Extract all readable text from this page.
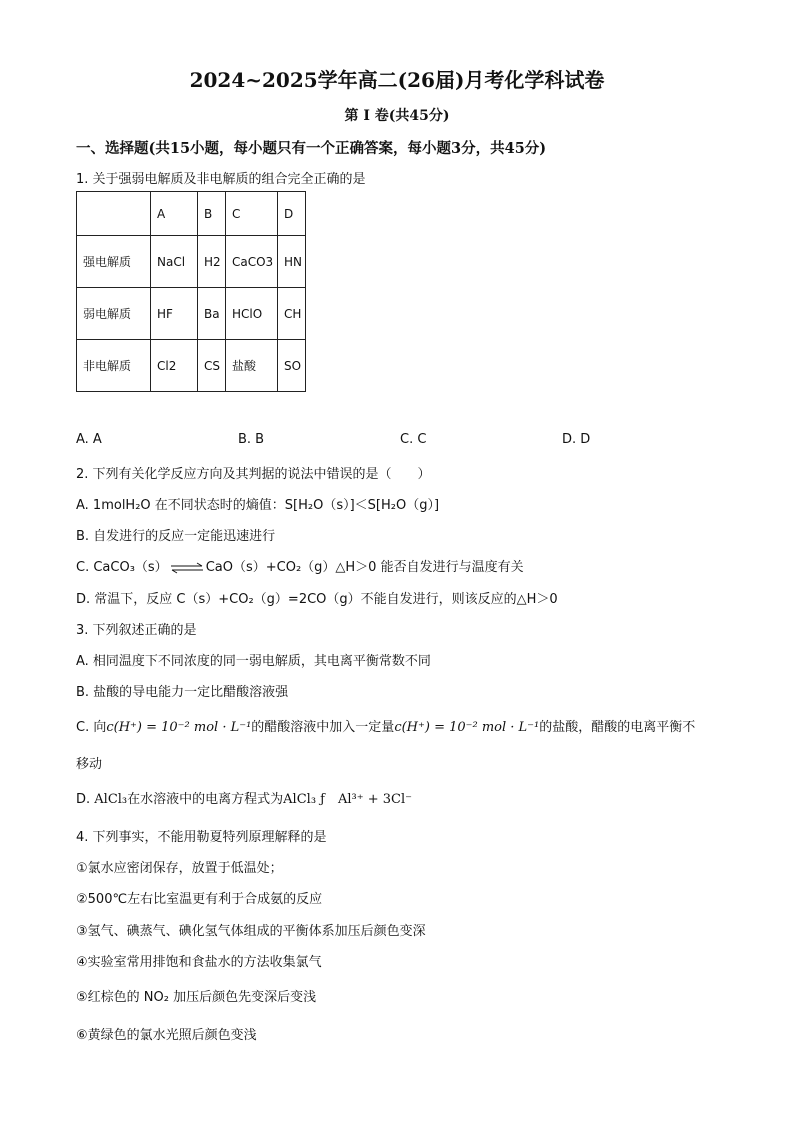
2024~2025学年高二(26届)月考化学科试卷
第 I 卷(共45分)
一、选择题(共15小题，每小题只有一个正确答案，每小题3分，共45分)
1. 关于强弱电解质及非电解质的组合完全正确的是
	A	B	C	D
强电解质	NaCl	H2	CaCO3	HN
弱电解质	HF	Ba	HClO	CH
非电解质	Cl2	CS	盐酸	SO
A. A	B. B	C. C	D. D
2. 下列有关化学反应方向及其判据的说法中错误的是（　　）
A. 1molH₂O 在不同状态时的熵值：S[H₂O（s）]＜S[H₂O（g）]
B. 自发进行的反应一定能迅速进行
C. CaCO₃（s） ⇌ CaO（s）+CO₂（g）△H＞0 能否自发进行与温度有关
D. 常温下，反应 C（s）+CO₂（g）=2CO（g）不能自发进行，则该反应的△H＞0
3. 下列叙述正确的是
A. 相同温度下不同浓度的同一弱电解质，其电离平衡常数不同
B. 盐酸的导电能力一定比醋酸溶液强
C. 向c(H⁺) = 10⁻² mol · L⁻¹的醋酸溶液中加入一定量c(H⁺) = 10⁻² mol · L⁻¹的盐酸，醋酸的电离平衡不
移动
D. AlCl₃在水溶液中的电离方程式为AlCl₃ ƒ　Al³⁺ + 3Cl⁻
4. 下列事实，不能用勒夏特列原理解释的是
①氯水应密闭保存，放置于低温处；
②500℃左右比室温更有利于合成氨的反应
③氢气、碘蒸气、碘化氢气体组成的平衡体系加压后颜色变深
④实验室常用排饱和食盐水的方法收集氯气
⑤红棕色的 NO₂ 加压后颜色先变深后变浅
⑥黄绿色的氯水光照后颜色变浅
